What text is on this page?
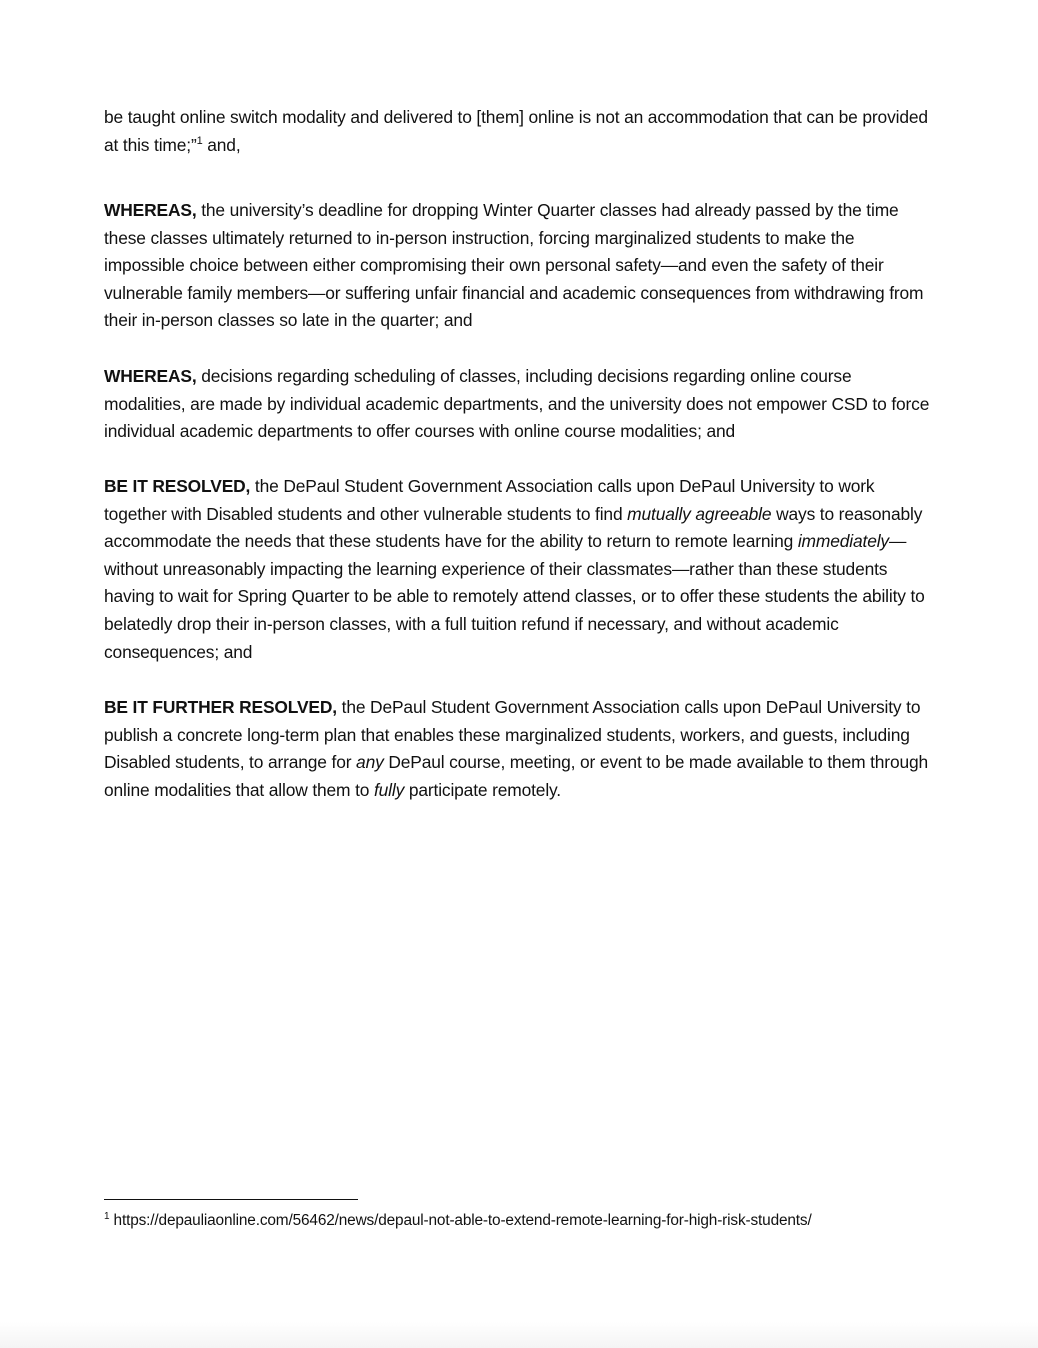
be taught online switch modality and delivered to [them] online is not an accommodation that can be provided at this time;”$^1$ and,

WHEREAS, the university’s deadline for dropping Winter Quarter classes had already passed by the time these classes ultimately returned to in-person instruction, forcing marginalized students to make the impossible choice between either compromising their own personal safety—and even the safety of their vulnerable family members—or suffering unfair financial and academic consequences from withdrawing from their in-person classes so late in the quarter; and

WHEREAS, decisions regarding scheduling of classes, including decisions regarding online course modalities, are made by individual academic departments, and the university does not empower CSD to force individual academic departments to offer courses with online course modalities; and

BE IT RESOLVED, the DePaul Student Government Association calls upon DePaul University to work together with Disabled students and other vulnerable students to find mutually agreeable ways to reasonably accommodate the needs that these students have for the ability to return to remote learning immediately—without unreasonably impacting the learning experience of their classmates—rather than these students having to wait for Spring Quarter to be able to remotely attend classes, or to offer these students the ability to belatedly drop their in-person classes, with a full tuition refund if necessary, and without academic consequences; and

BE IT FURTHER RESOLVED, the DePaul Student Government Association calls upon DePaul University to publish a concrete long-term plan that enables these marginalized students, workers, and guests, including Disabled students, to arrange for any DePaul course, meeting, or event to be made available to them through online modalities that allow them to fully participate remotely.

$^1$ https://depauliaonline.com/56462/news/depaul-not-able-to-extend-remote-learning-for-high-risk-students/
